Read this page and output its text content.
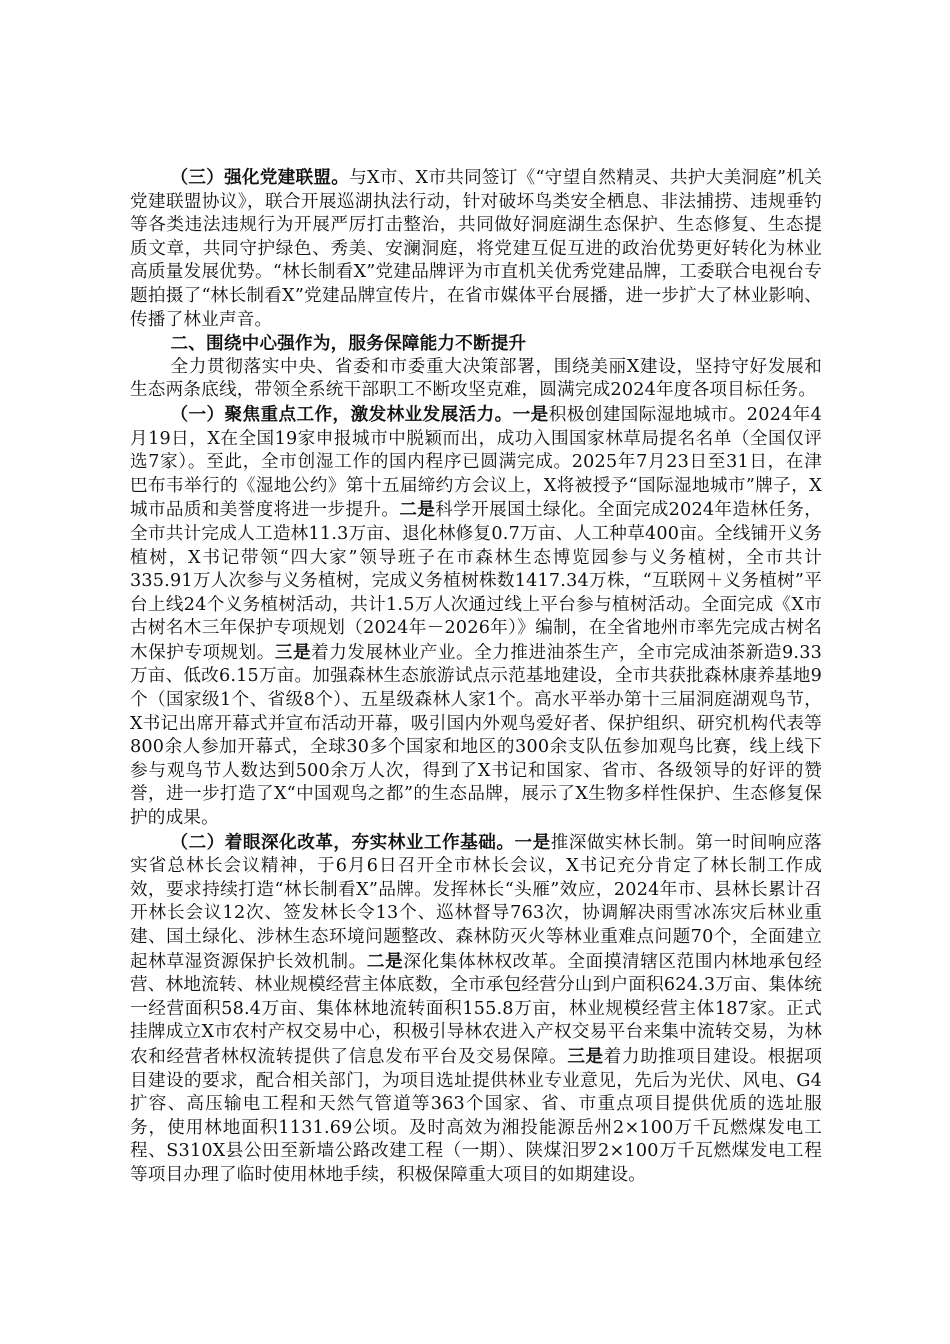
（三）强化党建联盟。与X市、X市共同签订《“守望自然精灵、共护大美洞庭”机关党建联盟协议》，联合开展巡湖执法行动，针对破坏鸟类安全栖息、非法捕捞、违规垂钓等各类违法违规行为开展严厉打击整治，共同做好洞庭湖生态保护、生态修复、生态提质文章，共同守护绿色、秀美、安澜洞庭，将党建互促互进的政治优势更好转化为林业高质量发展优势。“林长制看X”党建品牌评为市直机关优秀党建品牌，工委联合电视台专题拍摄了“林长制看X”党建品牌宣传片，在省市媒体平台展播，进一步扩大了林业影响、传播了林业声音。

二、围绕中心强作为，服务保障能力不断提升

全力贯彻落实中央、省委和市委重大决策部署，围绕美丽X建设，坚持守好发展和生态两条底线，带领全系统干部职工不断攻坚克难，圆满完成2024年度各项目标任务。

（一）聚焦重点工作，激发林业发展活力。一是积极创建国际湿地城市。2024年4月19日，X在全国19家申报城市中脱颖而出，成功入围国家林草局提名名单（全国仅评选7家）。至此，全市创湿工作的国内程序已圆满完成。2025年7月23日至31日，在津巴布韦举行的《湿地公约》第十五届缔约方会议上，X将被授予“国际湿地城市”牌子，X城市品质和美誉度将进一步提升。二是科学开展国土绿化。全面完成2024年造林任务，全市共计完成人工造林11.3万亩、退化林修复0.7万亩、人工种草400亩。全线铺开义务植树，X书记带领“四大家”领导班子在市森林生态博览园参与义务植树，全市共计335.91万人次参与义务植树，完成义务植树株数1417.34万株，“互联网＋义务植树”平台上线24个义务植树活动，共计1.5万人次通过线上平台参与植树活动。全面完成《X市古树名木三年保护专项规划（2024年－2026年）》编制，在全省地州市率先完成古树名木保护专项规划。三是着力发展林业产业。全力推进油茶生产，全市完成油茶新造9.33万亩、低改6.15万亩。加强森林生态旅游试点示范基地建设，全市共获批森林康养基地9个（国家级1个、省级8个）、五星级森林人家1个。高水平举办第十三届洞庭湖观鸟节，X书记出席开幕式并宣布活动开幕，吸引国内外观鸟爱好者、保护组织、研究机构代表等800余人参加开幕式，全球30多个国家和地区的300余支队伍参加观鸟比赛，线上线下参与观鸟节人数达到500余万人次，得到了X书记和国家、省市、各级领导的好评的赞誉，进一步打造了X“中国观鸟之都”的生态品牌，展示了X生物多样性保护、生态修复保护的成果。

（二）着眼深化改革，夯实林业工作基础。一是推深做实林长制。第一时间响应落实省总林长会议精神，于6月6日召开全市林长会议，X书记充分肯定了林长制工作成效，要求持续打造“林长制看X”品牌。发挥林长“头雁”效应，2024年市、县林长累计召开林长会议12次、签发林长令13个、巡林督导763次，协调解决雨雪冰冻灾后林业重建、国土绿化、涉林生态环境问题整改、森林防灭火等林业重难点问题70个，全面建立起林草湿资源保护长效机制。二是深化集体林权改革。全面摸清辖区范围内林地承包经营、林地流转、林业规模经营主体底数，全市承包经营分山到户面积624.3万亩、集体统一经营面积58.4万亩、集体林地流转面积155.8万亩，林业规模经营主体187家。正式挂牌成立X市农村产权交易中心，积极引导林农进入产权交易平台来集中流转交易，为林农和经营者林权流转提供了信息发布平台及交易保障。三是着力助推项目建设。根据项目建设的要求，配合相关部门，为项目选址提供林业专业意见，先后为光伏、风电、G4扩容、高压输电工程和天然气管道等363个国家、省、市重点项目提供优质的选址服务，使用林地面积1131.69公顷。及时高效为湘投能源岳州2×100万千瓦燃煤发电工程、S310X县公田至新墙公路改建工程（一期）、陕煤汨罗2×100万千瓦燃煤发电工程等项目办理了临时使用林地手续，积极保障重大项目的如期建设。
